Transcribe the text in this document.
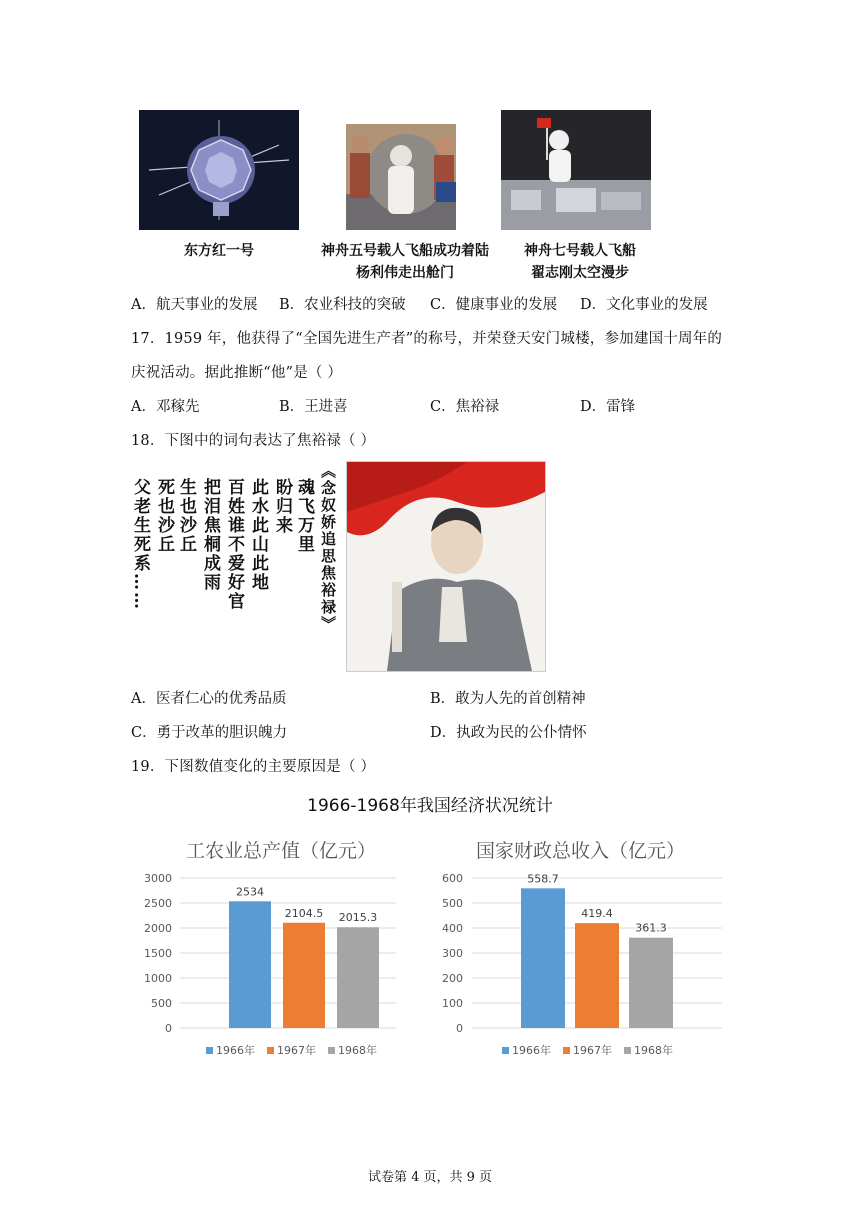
东方红一号	神舟五号载人飞船成功着陆
杨利伟走出舱门
神舟七号载人飞船
翟志刚太空漫步
A．航天事业的发展 B．农业科技的突破 C．健康事业的发展 D．文化事业的发展
17．1959 年，他获得了“全国先进生产者”的称号，并荣登天安门城楼，参加建国十周年的
庆祝活动。据此推断“他”是（ ）
A．邓稼先	B．王进喜	C．焦裕禄	D．雷锋
18．下图中的词句表达了焦裕禄（ ）
《念奴娇追思焦裕禄》
魂飞万里
盼归来
此水此山此地
百姓谁不爱好官
把泪焦桐成雨
生也沙丘
死也沙丘
父老生死系……
A．医者仁心的优秀品质	B．敢为人先的首创精神
C．勇于改革的胆识魄力	D．执政为民的公仆情怀
19．下图数值变化的主要原因是（ ）
1966-1968年我国经济状况统计
工农业总产值（亿元）	国家财政总收入（亿元）
0
500
1000
1500
2000
2500
3000
2534
2104.5 2015.3
1966年 1967年 1968年
0
100
200
300
400
500
600	558.7
419.4
361.3
1966年 1967年 1968年
试卷第 4 页，共 9 页
